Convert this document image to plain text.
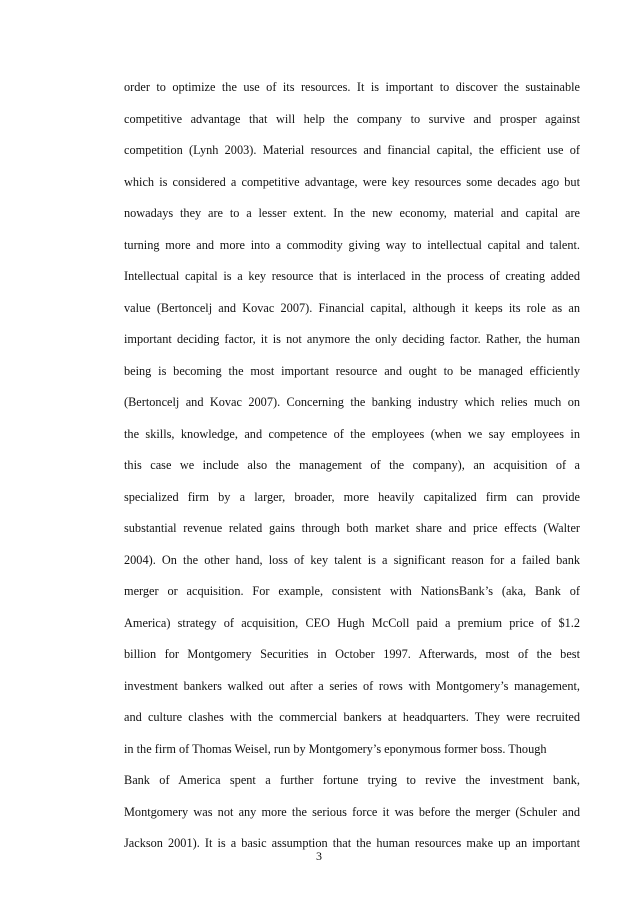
order to optimize the use of its resources. It is important to discover the sustainable
competitive advantage that will help the company to survive and prosper against
competition (Lynh 2003). Material resources and financial capital, the efficient use of
which is considered a competitive advantage, were key resources some decades ago but
nowadays they are to a lesser extent. In the new economy, material and capital are
turning more and more into a commodity giving way to intellectual capital and talent.
Intellectual capital is a key resource that is interlaced in the process of creating added
value (Bertoncelj and Kovac 2007). Financial capital, although it keeps its role as an
important deciding factor, it is not anymore the only deciding factor. Rather, the human
being is becoming the most important resource and ought to be managed efficiently
(Bertoncelj and Kovac 2007). Concerning the banking industry which relies much on
the skills, knowledge, and competence of the employees (when we say employees in
this case we include also the management of the company), an acquisition of a
specialized firm by a larger, broader, more heavily capitalized firm can provide
substantial revenue related gains through both market share and price effects (Walter
2004). On the other hand, loss of key talent is a significant reason for a failed bank
merger or acquisition. For example, consistent with NationsBank’s (aka, Bank of
America) strategy of acquisition, CEO Hugh McColl paid a premium price of $1.2
billion for Montgomery Securities in October 1997. Afterwards, most of the best
investment bankers walked out after a series of rows with Montgomery’s management,
and culture clashes with the commercial bankers at headquarters. They were recruited
in the firm of Thomas Weisel, run by Montgomery’s eponymous former boss. Though
Bank of America spent a further fortune trying to revive the investment bank,
Montgomery was not any more the serious force it was before the merger (Schuler and
Jackson 2001). It is a basic assumption that the human resources make up an important
3
